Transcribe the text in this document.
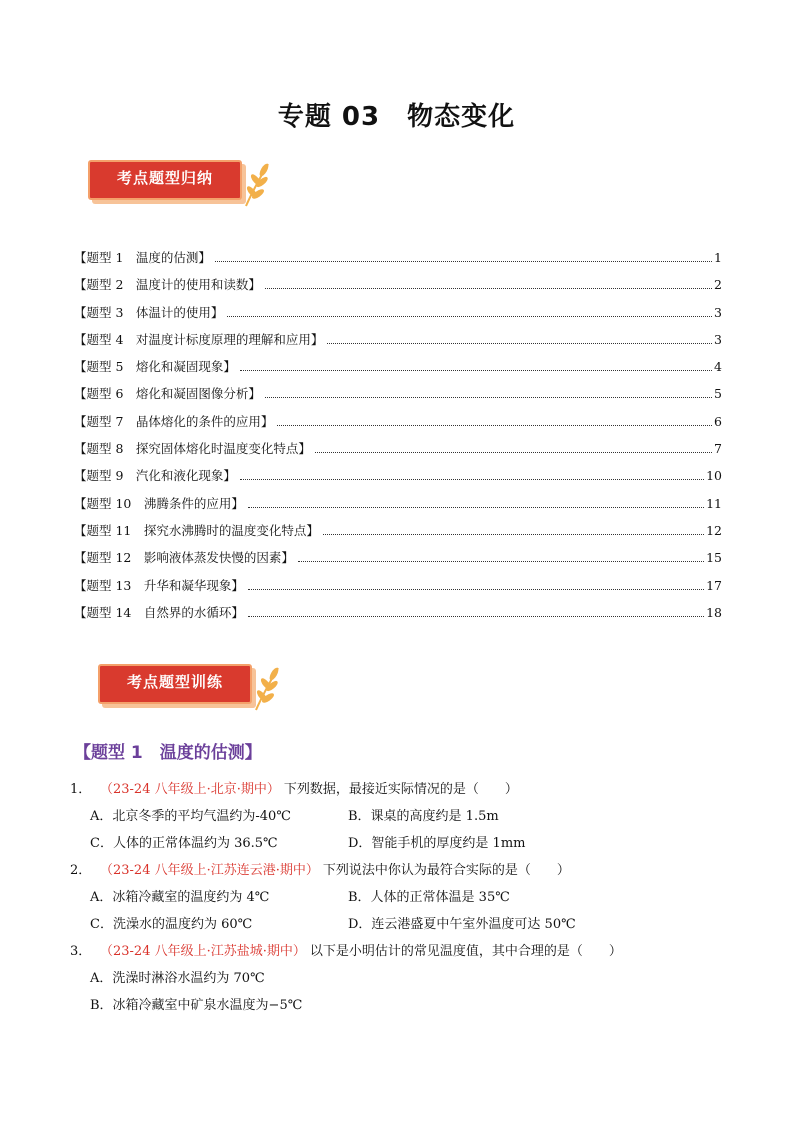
专题 03　物态变化
考点题型归纳
【题型 1　温度的估测】	1
【题型 2　温度计的使用和读数】	2
【题型 3　体温计的使用】	3
【题型 4　对温度计标度原理的理解和应用】	3
【题型 5　熔化和凝固现象】	4
【题型 6　熔化和凝固图像分析】	5
【题型 7　晶体熔化的条件的应用】	6
【题型 8　探究固体熔化时温度变化特点】	7
【题型 9　汽化和液化现象】	10
【题型 10　沸腾条件的应用】	11
【题型 11　探究水沸腾时的温度变化特点】	12
【题型 12　影响液体蒸发快慢的因素】	15
【题型 13　升华和凝华现象】	17
【题型 14　自然界的水循环】	18
考点题型训练
【题型 1　温度的估测】
1． （23-24 八年级上·北京·期中） 下列数据，最接近实际情况的是（　　）
A．北京冬季的平均气温约为-40℃	B．课桌的高度约是 1.5m
C．人体的正常体温约为 36.5℃	D．智能手机的厚度约是 1mm
2． （23-24 八年级上·江苏连云港·期中） 下列说法中你认为最符合实际的是（　　）
A．冰箱冷藏室的温度约为 4℃	B．人体的正常体温是 35℃
C．洗澡水的温度约为 60℃	D．连云港盛夏中午室外温度可达 50℃
3． （23-24 八年级上·江苏盐城·期中） 以下是小明估计的常见温度值，其中合理的是（　　）
A．洗澡时淋浴水温约为 70℃
B．冰箱冷藏室中矿泉水温度为−5℃
